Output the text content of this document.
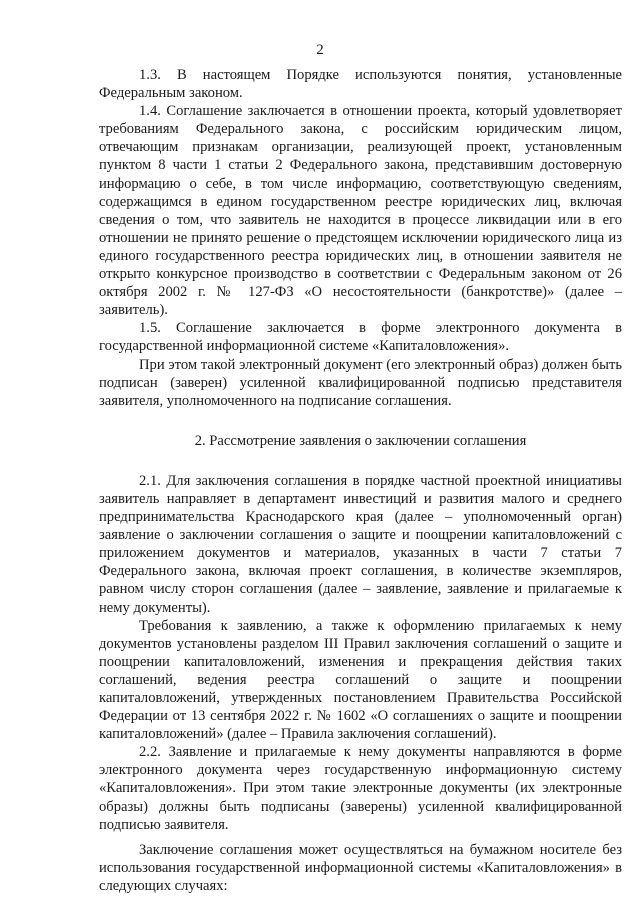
2

1.3. В настоящем Порядке используются понятия, установленные Федеральным законом.

1.4. Соглашение заключается в отношении проекта, который удовлетворяет требованиям Федерального закона, с российским юридическим лицом, отвечающим признакам организации, реализующей проект, установленным пунктом 8 части 1 статьи 2 Федерального закона, представившим достоверную информацию о себе, в том числе информацию, соответствующую сведениям, содержащимся в едином государственном реестре юридических лиц, включая сведения о том, что заявитель не находится в процессе ликвидации или в его отношении не принято решение о предстоящем исключении юридического лица из единого государственного реестра юридических лиц, в отношении заявителя не открыто конкурсное производство в соответствии с Федеральным законом от 26 октября 2002 г. № 127-ФЗ «О несостоятельности (банкротстве)» (далее – заявитель).

1.5. Соглашение заключается в форме электронного документа в государственной информационной системе «Капиталовложения».

При этом такой электронный документ (его электронный образ) должен быть подписан (заверен) усиленной квалифицированной подписью представителя заявителя, уполномоченного на подписание соглашения.

2. Рассмотрение заявления о заключении соглашения

2.1. Для заключения соглашения в порядке частной проектной инициативы заявитель направляет в департамент инвестиций и развития малого и среднего предпринимательства Краснодарского края (далее – уполномоченный орган) заявление о заключении соглашения о защите и поощрении капиталовложений с приложением документов и материалов, указанных в части 7 статьи 7 Федерального закона, включая проект соглашения, в количестве экземпляров, равном числу сторон соглашения (далее – заявление, заявление и прилагаемые к нему документы).

Требования к заявлению, а также к оформлению прилагаемых к нему документов установлены разделом III Правил заключения соглашений о защите и поощрении капиталовложений, изменения и прекращения действия таких соглашений, ведения реестра соглашений о защите и поощрении капиталовложений, утвержденных постановлением Правительства Российской Федерации от 13 сентября 2022 г. № 1602 «О соглашениях о защите и поощрении капиталовложений» (далее – Правила заключения соглашений).

2.2. Заявление и прилагаемые к нему документы направляются в форме электронного документа через государственную информационную систему «Капиталовложения». При этом такие электронные документы (их электронные образы) должны быть подписаны (заверены) усиленной квалифицированной подписью заявителя.

Заключение соглашения может осуществляться на бумажном носителе без использования государственной информационной системы «Капиталовложения» в следующих случаях:
